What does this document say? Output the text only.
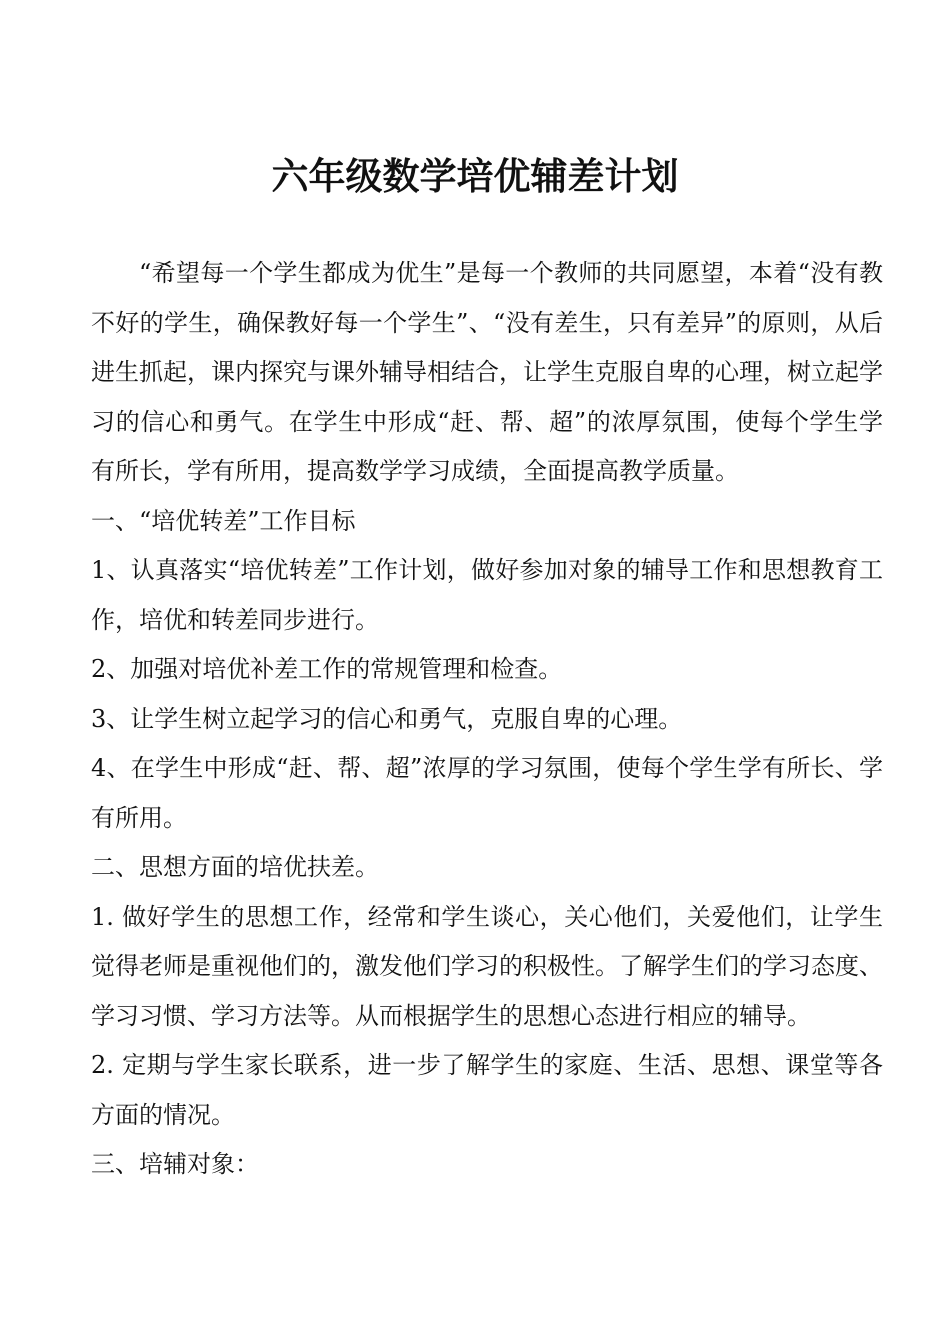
六年级数学培优辅差计划

“希望每一个学生都成为优生”是每一个教师的共同愿望，本着“没有教不好的学生，确保教好每一个学生”、“没有差生，只有差异”的原则，从后进生抓起，课内探究与课外辅导相结合，让学生克服自卑的心理，树立起学习的信心和勇气。在学生中形成“赶、帮、超”的浓厚氛围，使每个学生学有所长，学有所用，提高数学学习成绩，全面提高教学质量。

一、“培优转差”工作目标

1、认真落实“培优转差”工作计划，做好参加对象的辅导工作和思想教育工作，培优和转差同步进行。

2、加强对培优补差工作的常规管理和检查。

3、让学生树立起学习的信心和勇气，克服自卑的心理。

4、在学生中形成“赶、帮、超”浓厚的学习氛围，使每个学生学有所长、学有所用。

二、思想方面的培优扶差。

1. 做好学生的思想工作，经常和学生谈心，关心他们，关爱他们，让学生觉得老师是重视他们的，激发他们学习的积极性。了解学生们的学习态度、学习习惯、学习方法等。从而根据学生的思想心态进行相应的辅导。

2. 定期与学生家长联系，进一步了解学生的家庭、生活、思想、课堂等各方面的情况。

三、培辅对象：
